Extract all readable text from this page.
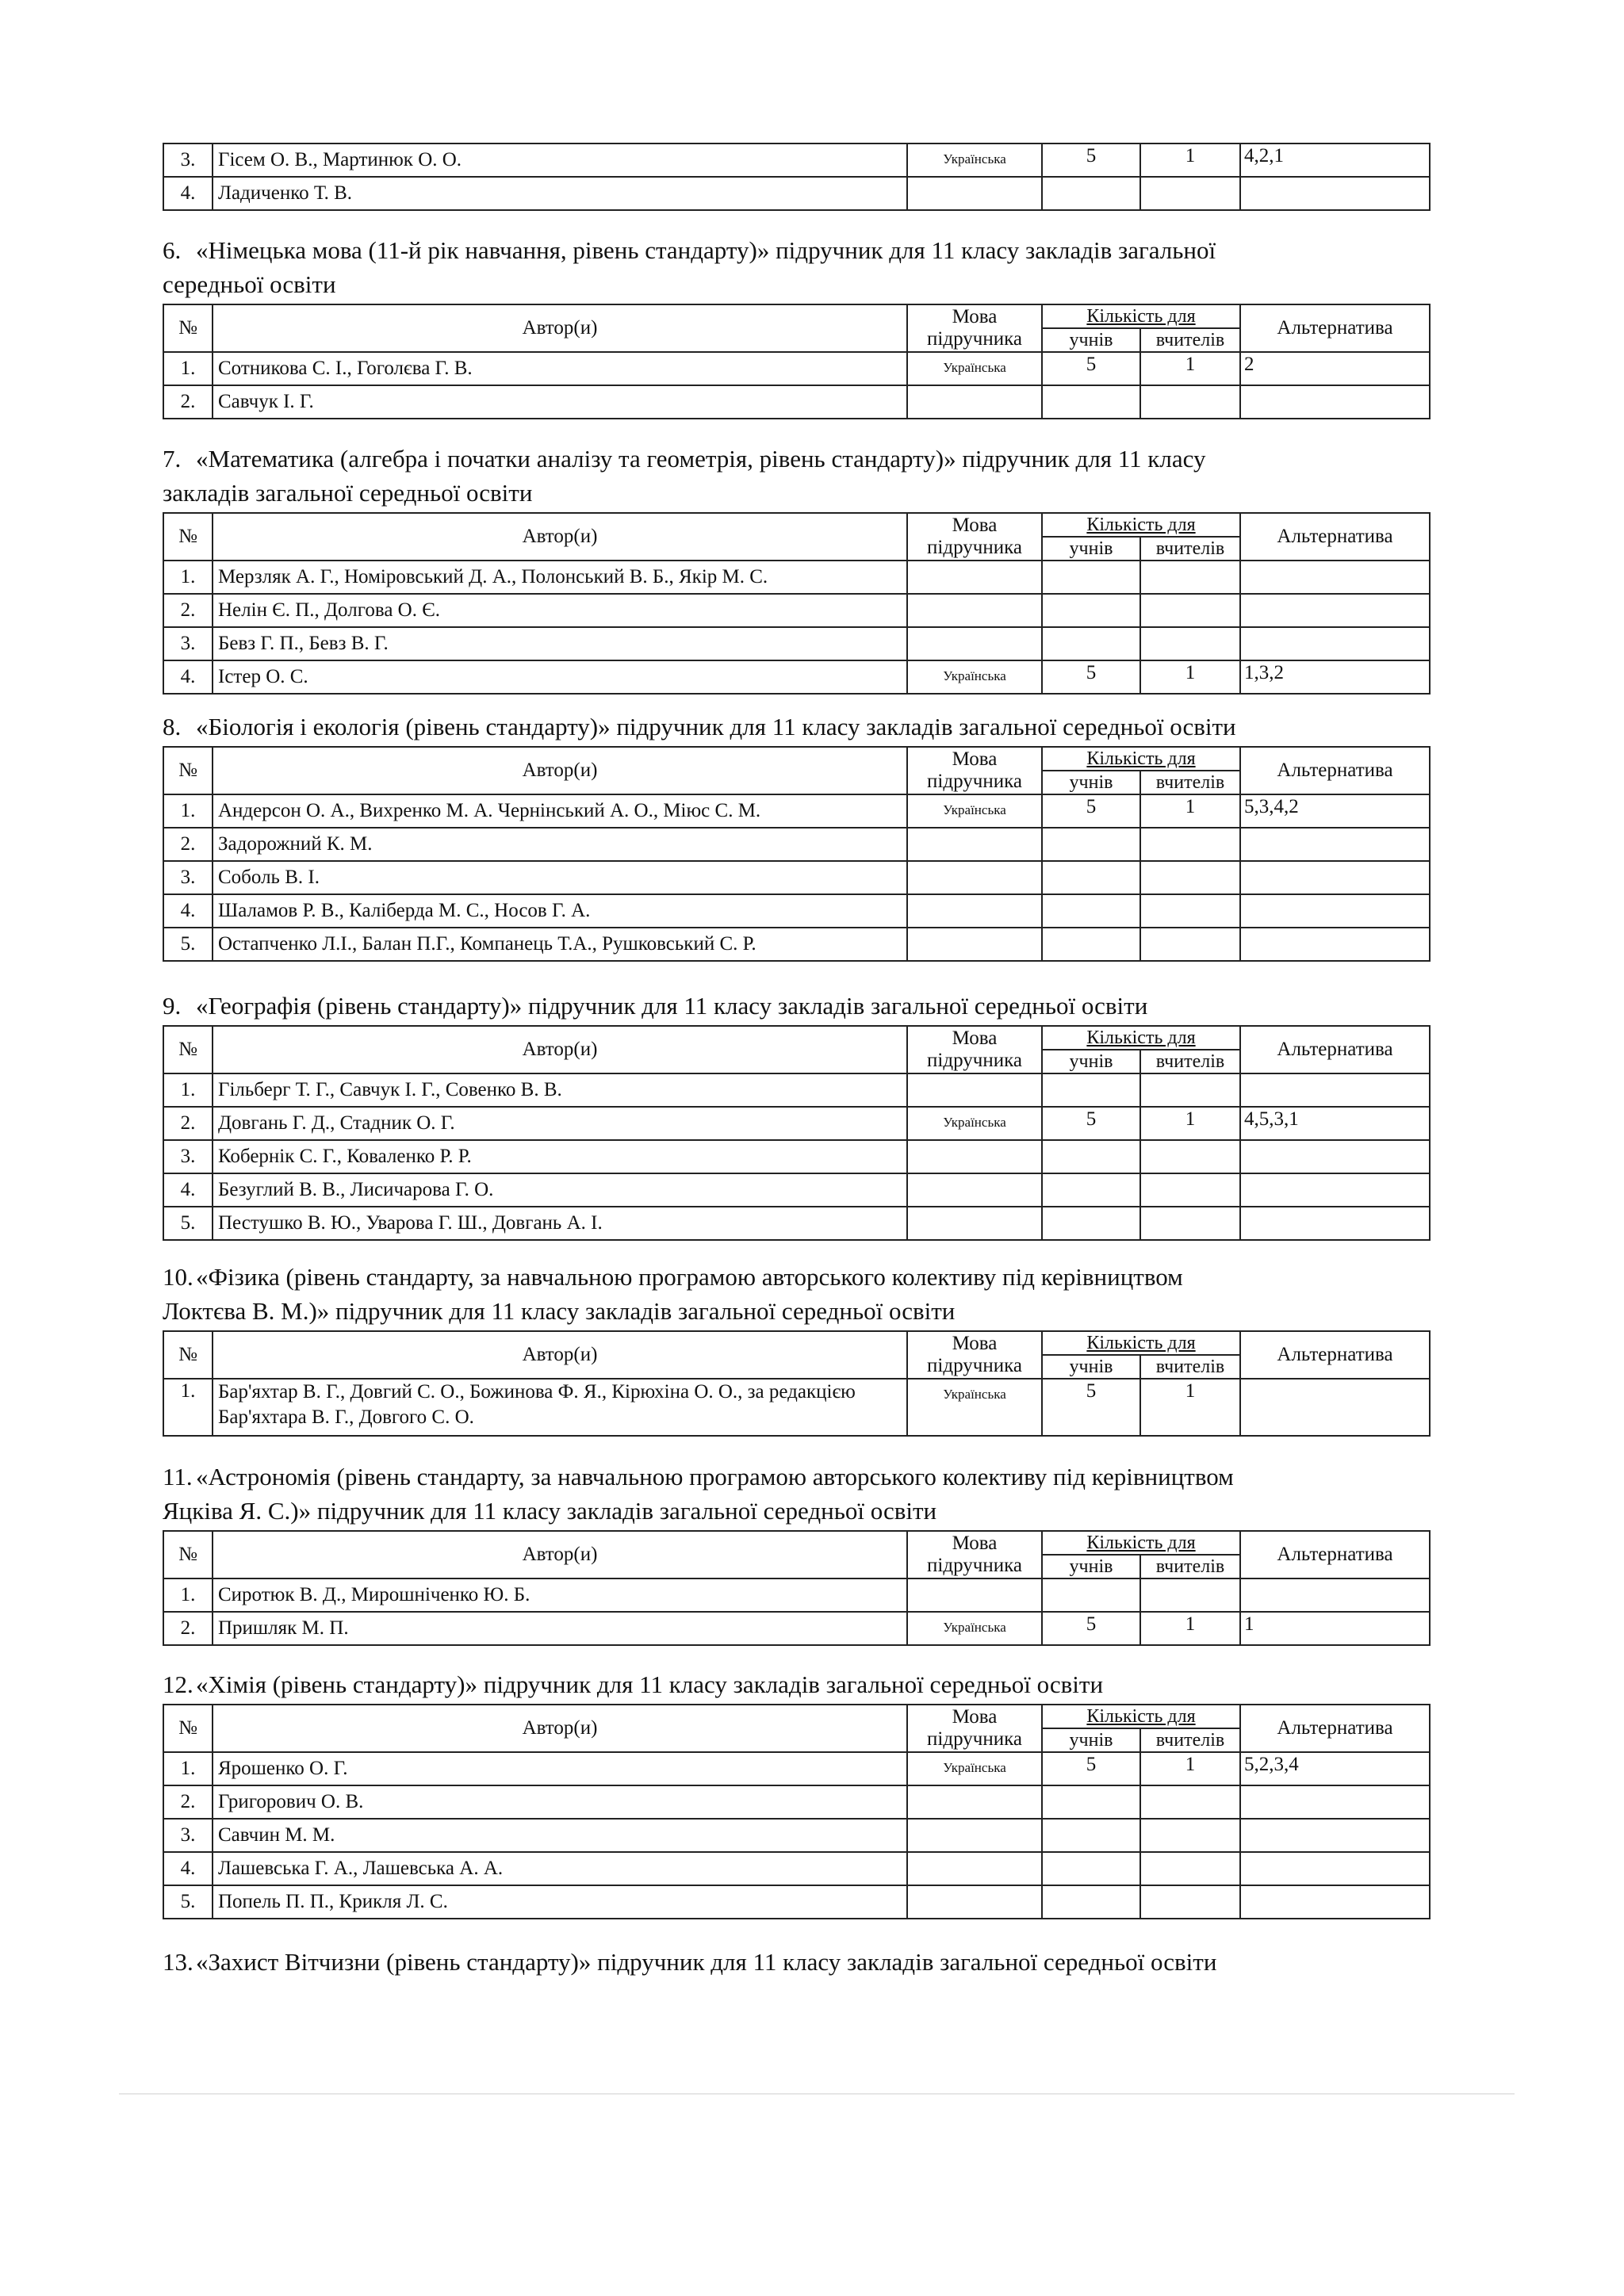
3.	Гісем О. В., Мартинюк О. О.	Українська	5	1	4,2,1
4.	Ладиченко Т. В.				
6. «Німецька мова (11-й рік навчання, рівень стандарту)» підручник для 11 класу закладів загальної
середньої освіти
№	Автор(и)	Мова підручника	Кількість для		Альтернатива
			учнів	вчителів	
1.	Сотникова С. І., Гоголєва Г. В.	Українська	5	1	2
2.	Савчук І. Г.				
7. «Математика (алгебра і початки аналізу та геометрія, рівень стандарту)» підручник для 11 класу
закладів загальної середньої освіти
№	Автор(и)	Мова підручника	Кількість для		Альтернатива
			учнів	вчителів	
1.	Мерзляк А. Г., Номіровський Д. А., Полонський В. Б., Якір М. С.				
2.	Нелін Є. П., Долгова О. Є.				
3.	Бевз Г. П., Бевз В. Г.				
4.	Істер О. С.	Українська	5	1	1,3,2
8. «Біологія і екологія (рівень стандарту)» підручник для 11 класу закладів загальної середньої освіти
№	Автор(и)	Мова підручника	Кількість для		Альтернатива
			учнів	вчителів	
1.	Андерсон О. А., Вихренко М. А. Чернінський А. О., Міюс С. М.	Українська	5	1	5,3,4,2
2.	Задорожний К. М.				
3.	Соболь В. І.				
4.	Шаламов Р. В., Каліберда М. С., Носов Г. А.				
5.	Остапченко Л.І., Балан П.Г., Компанець Т.А., Рушковський С. Р.				
9. «Географія (рівень стандарту)» підручник для 11 класу закладів загальної середньої освіти
№	Автор(и)	Мова підручника	Кількість для		Альтернатива
			учнів	вчителів	
1.	Гільберг Т. Г., Савчук І. Г., Совенко В. В.				
2.	Довгань Г. Д., Стадник О. Г.	Українська	5	1	4,5,3,1
3.	Кобернік С. Г., Коваленко Р. Р.				
4.	Безуглий В. В., Лисичарова Г. О.				
5.	Пестушко В. Ю., Уварова Г. Ш., Довгань А. І.				
10. «Фізика (рівень стандарту, за навчальною програмою авторського колективу під керівництвом
Локтєва В. М.)» підручник для 11 класу закладів загальної середньої освіти
№	Автор(и)	Мова підручника	Кількість для		Альтернатива
			учнів	вчителів	
1.	Бар'яхтар В. Г., Довгий С. О., Божинова Ф. Я., Кірюхіна О. О., за редакцією Бар'яхтара В. Г., Довгого С. О.	Українська	5	1	
11. «Астрономія (рівень стандарту, за навчальною програмою авторського колективу під керівництвом
Яцківа Я. С.)» підручник для 11 класу закладів загальної середньої освіти
№	Автор(и)	Мова підручника	Кількість для		Альтернатива
			учнів	вчителів	
1.	Сиротюк В. Д., Мирошніченко Ю. Б.				
2.	Пришляк М. П.	Українська	5	1	1
12. «Хімія (рівень стандарту)» підручник для 11 класу закладів загальної середньої освіти
№	Автор(и)	Мова підручника	Кількість для		Альтернатива
			учнів	вчителів	
1.	Ярошенко О. Г.	Українська	5	1	5,2,3,4
2.	Григорович О. В.				
3.	Савчин М. М.				
4.	Лашевська Г. А., Лашевська А. А.				
5.	Попель П. П., Крикля Л. С.				
13. «Захист Вітчизни (рівень стандарту)» підручник для 11 класу закладів загальної середньої освіти
